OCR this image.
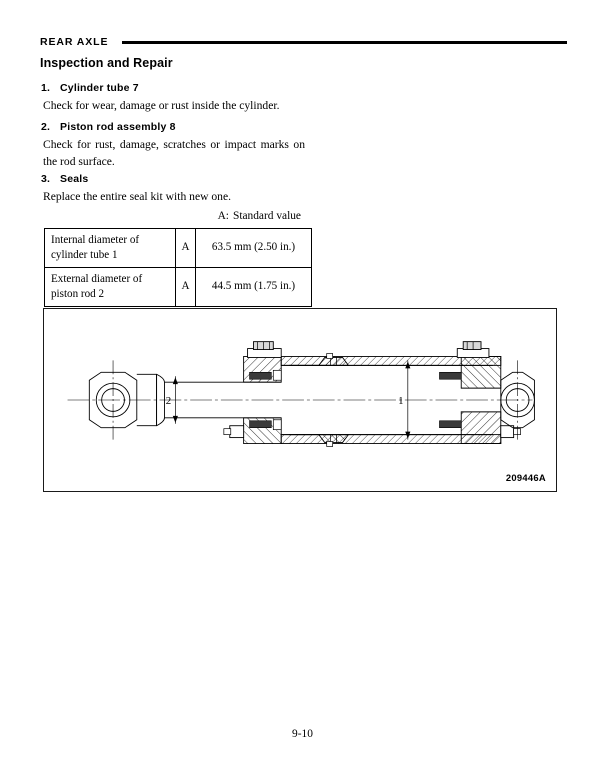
REAR AXLE
Inspection and Repair
1. Cylinder tube 7
Check for wear, damage or rust inside the cylinder.
2. Piston rod assembly 8
Check for rust, damage, scratches or impact marks on the rod surface.
3. Seals
Replace the entire seal kit with new one.
A: Standard value
Internal diameter of cylinder tube 1	A	63.5 mm (2.50 in.)
External diameter of piston rod 2	A	44.5 mm (1.75 in.)
2	1
209446A
9-10
